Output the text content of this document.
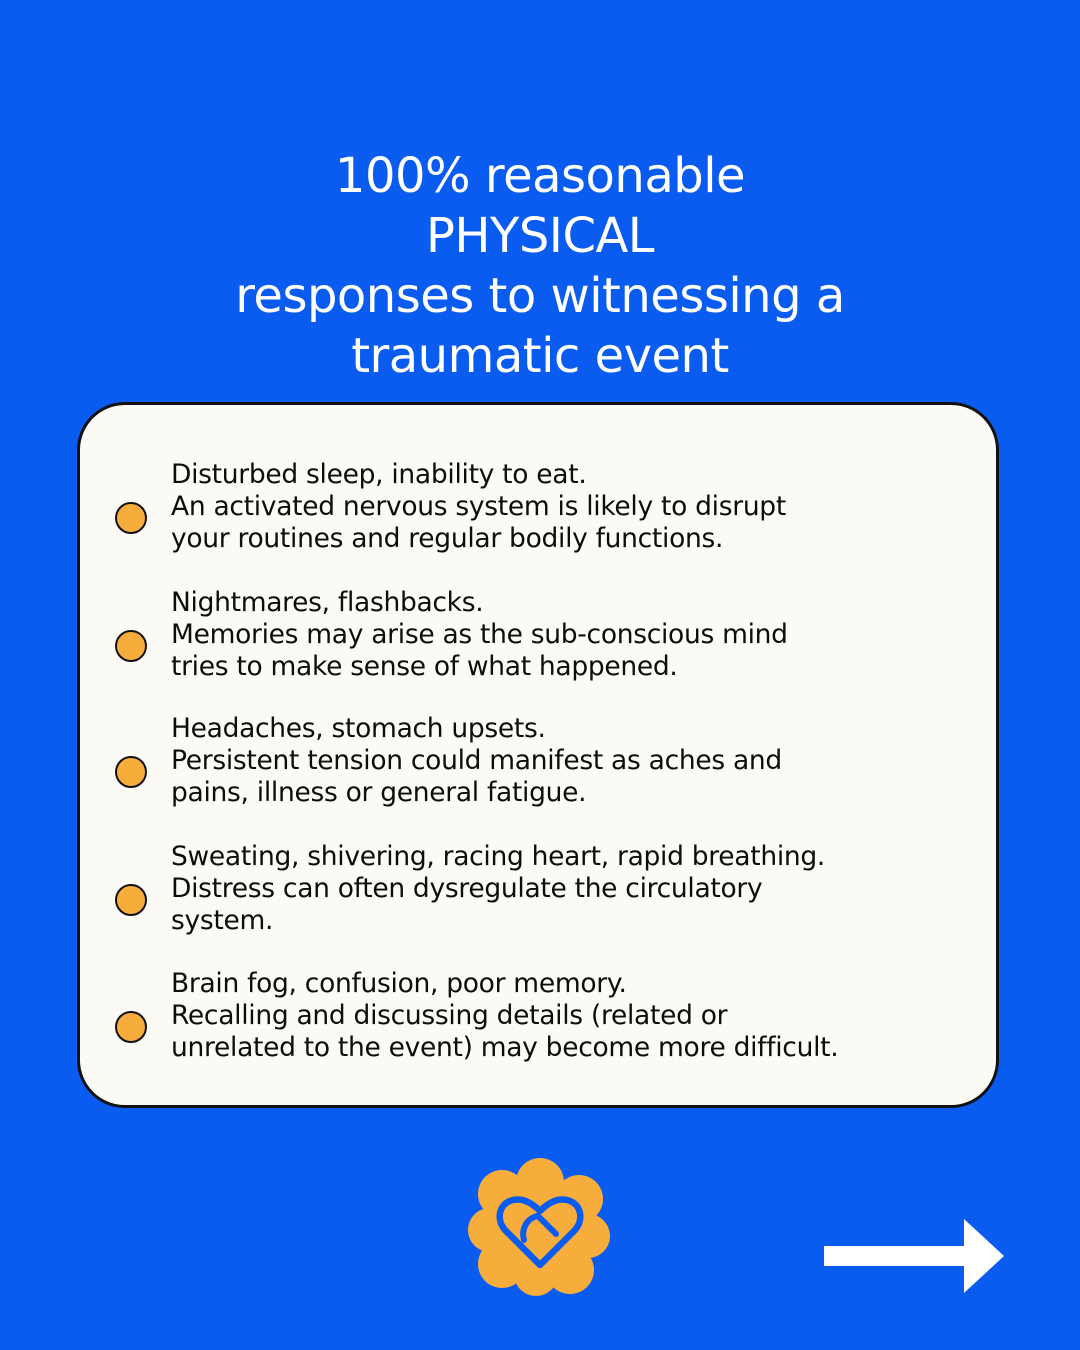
100% reasonable
PHYSICAL
responses to witnessing a
traumatic event
Disturbed sleep, inability to eat.
An activated nervous system is likely to disrupt
your routines and regular bodily functions.
Nightmares, flashbacks.
Memories may arise as the sub-conscious mind
tries to make sense of what happened.
Headaches, stomach upsets.
Persistent tension could manifest as aches and
pains, illness or general fatigue.
Sweating, shivering, racing heart, rapid breathing.
Distress can often dysregulate the circulatory
system.
Brain fog, confusion, poor memory.
Recalling and discussing details (related or
unrelated to the event) may become more difficult.
